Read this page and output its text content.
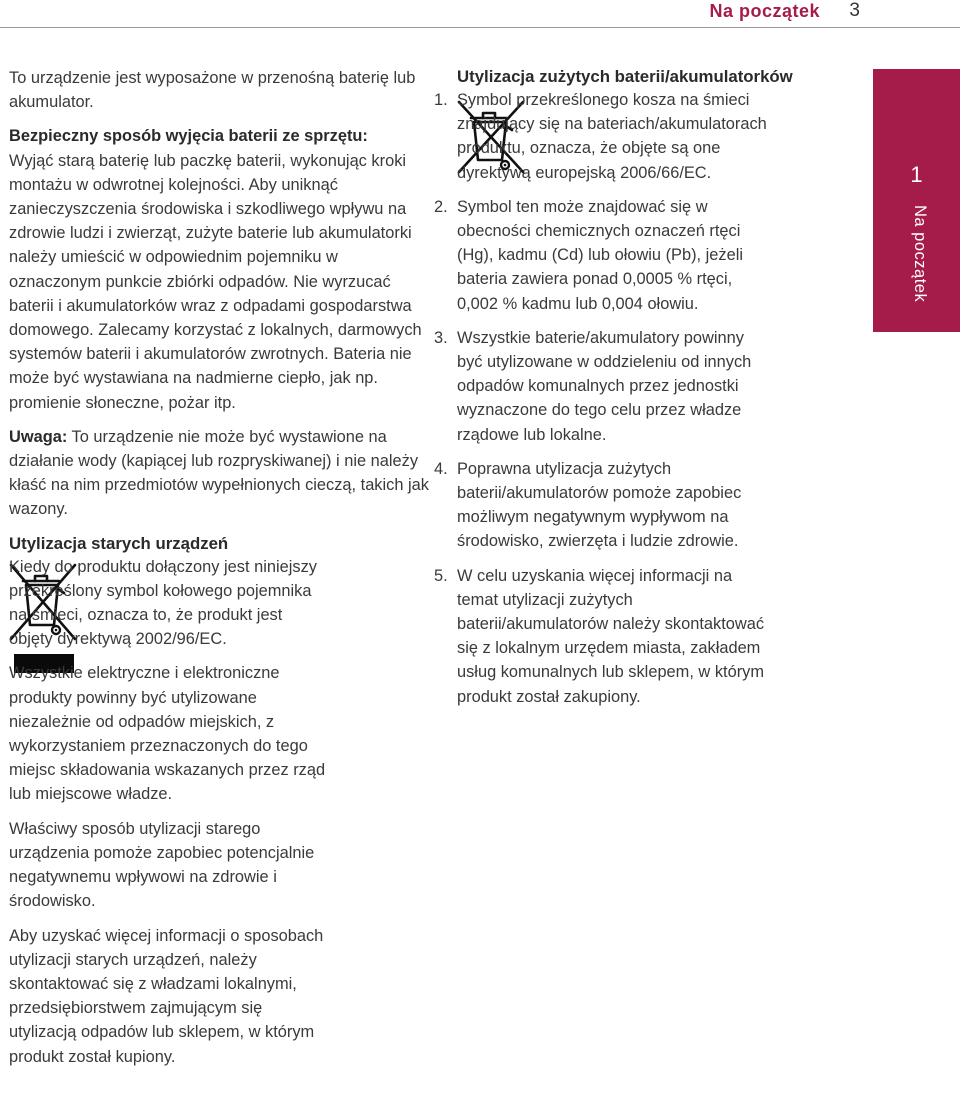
Na początek 3

To urządzenie jest wyposażone w przenośną baterię lub akumulator.

Bezpieczny sposób wyjęcia baterii ze sprzętu:

Wyjąć starą baterię lub paczkę baterii, wykonując kroki montażu w odwrotnej kolejności. Aby uniknąć zanieczyszczenia środowiska i szkodliwego wpływu na zdrowie ludzi i zwierząt, zużyte baterie lub akumulatorki należy umieścić w odpowiednim pojemniku w oznaczonym punkcie zbiórki odpadów. Nie wyrzucać baterii i akumulatorków wraz z odpadami gospodarstwa domowego. Zalecamy korzystać z lokalnych, darmowych systemów baterii i akumulatorów zwrotnych. Bateria nie może być wystawiana na nadmierne ciepło, jak np. promienie słoneczne, pożar itp.

Uwaga: To urządzenie nie może być wystawione na działanie wody (kapiącej lub rozpryskiwanej) i nie należy kłaść na nim przedmiotów wypełnionych cieczą, takich jak wazony.

Utylizacja starych urządzeń

Kiedy do produktu dołączony jest niniejszy przekreślony symbol kołowego pojemnika na śmieci, oznacza to, że produkt jest objęty dyrektywą 2002/96/EC.
Wszystkie elektryczne i elektroniczne produkty powinny być utylizowane niezależnie od odpadów miejskich, z wykorzystaniem przeznaczonych do tego miejsc składowania wskazanych przez rząd lub miejscowe władze.
Właściwy sposób utylizacji starego urządzenia pomoże zapobiec potencjalnie negatywnemu wpływowi na zdrowie i środowisko.
Aby uzyskać więcej informacji o sposobach utylizacji starych urządzeń, należy skontaktować się z władzami lokalnymi, przedsiębiorstwem zajmującym się utylizacją odpadów lub sklepem, w którym produkt został kupiony.

Utylizacja zużytych baterii/akumulatorków

1. Symbol przekreślonego kosza na śmieci znajdujący się na bateriach/akumulatorach produktu, oznacza, że objęte są one dyrektywą europejską 2006/66/EC.
2. Symbol ten może znajdować się w obecności chemicznych oznaczeń rtęci (Hg), kadmu (Cd) lub ołowiu (Pb), jeżeli bateria zawiera ponad 0,0005 % rtęci, 0,002 % kadmu lub 0,004 ołowiu.
3. Wszystkie baterie/akumulatory powinny być utylizowane w oddzieleniu od innych odpadów komunalnych przez jednostki wyznaczone do tego celu przez władze rządowe lub lokalne.
4. Poprawna utylizacja zużytych baterii/akumulatorów pomoże zapobiec możliwym negatywnym wypływom na środowisko, zwierzęta i ludzie zdrowie.
5. W celu uzyskania więcej informacji na temat utylizacji zużytych baterii/akumulatorów należy skontaktować się z lokalnym urzędem miasta, zakładem usług komunalnych lub sklepem, w którym produkt został zakupiony.
1
Na początek
